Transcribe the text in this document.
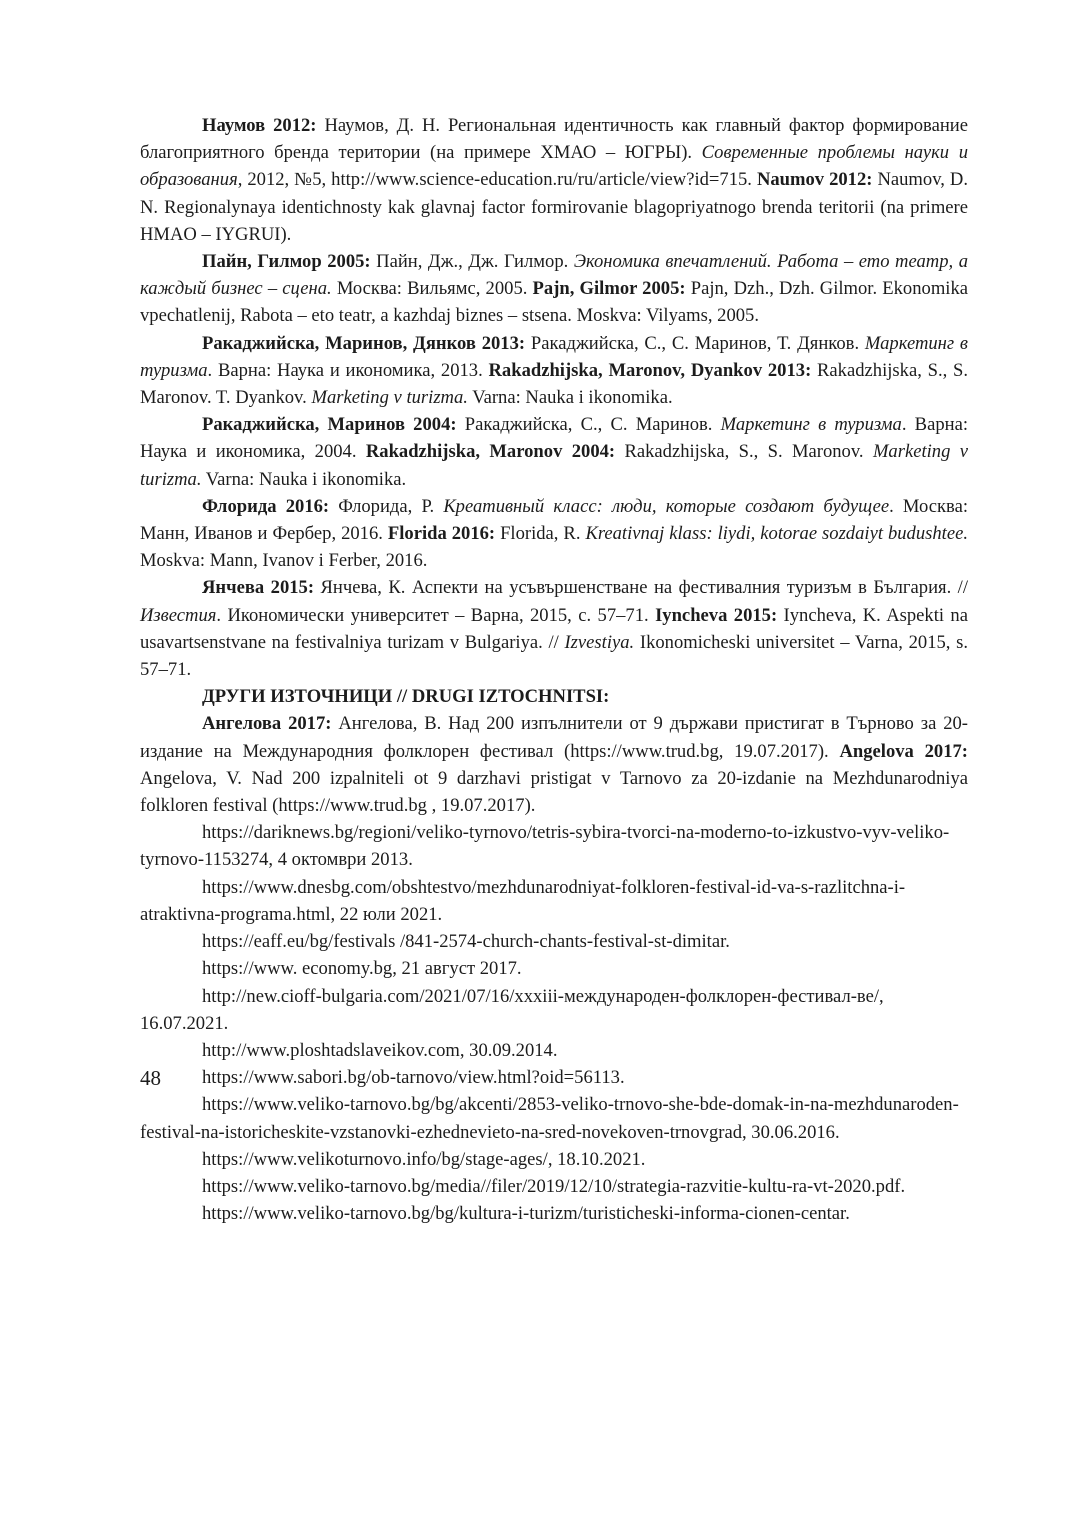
Наумов 2012: Наумов, Д. Н. Региональная идентичность как главный фактор формирование благоприятного бренда територии (на примере ХМАО – ЮГРЫ). Современные проблемы науки и образования, 2012, №5, http://www.science-education.ru/ru/article/view?id=715. Naumov 2012: Naumov, D. N. Regionalynaya identichnosty kak glavnaj factor formirovanie blagopriyatnogo brenda teritorii (na primere HMAO – IYGRUI).

Пайн, Гилмор 2005: Пайн, Дж., Дж. Гилмор. Экономика впечатлений. Работа – ето театр, а каждый бизнес – сцена. Москва: Вильямс, 2005. Pajn, Gilmor 2005: Pajn, Dzh., Dzh. Gilmor. Ekonomika vpechatlenij, Rabota – eto teatr, a kazhdaj biznes – stsena. Moskva: Vilyams, 2005.

Ракаджийска, Маринов, Дянков 2013: Ракаджийска, С., С. Маринов, Т. Дянков. Маркетинг в туризма. Варна: Наука и икономика, 2013. Rakadzhijska, Maronov, Dyankov 2013: Rakadzhijska, S., S. Maronov. T. Dyankov. Marketing v turizma. Varna: Nauka i ikonomika.

Ракаджийска, Маринов 2004: Ракаджийска, С., С. Маринов. Маркетинг в туризма. Варна: Наука и икономика, 2004. Rakadzhijska, Maronov 2004: Rakadzhijska, S., S. Maronov. Marketing v turizma. Varna: Nauka i ikonomika.

Флорида 2016: Флорида, Р. Креативный класс: люди, которые создают будущее. Москва: Манн, Иванов и Фербер, 2016. Florida 2016: Florida, R. Kreativnaj klass: liydi, kotorae sozdaiyt budushtee. Moskva: Mann, Ivanov i Ferber, 2016.

Янчева 2015: Янчева, К. Аспекти на усъвършенстване на фестивалния туризъм в България. // Известия. Икономически университет – Варна, 2015, с. 57–71. Iyncheva 2015: Iyncheva, K. Aspekti na usavartsenstvane na festivalniya turizam v Bulgariya. // Izvestiya. Ikonomicheski universitet – Varna, 2015, s. 57–71.

ДРУГИ ИЗТОЧНИЦИ // DRUGI IZTOCHNITSI:

Ангелова 2017: Ангелова, В. Над 200 изпълнители от 9 държави пристигат в Търново за 20-издание на Международния фолклорен фестивал (https://www.trud.bg, 19.07.2017). Angelova 2017: Angelova, V. Nad 200 izpalniteli ot 9 darzhavi pristigat v Tarnovo za 20-izdanie na Mezhdunarodniya folkloren festival (https://www.trud.bg , 19.07.2017).

https://dariknews.bg/regioni/veliko-tyrnovo/tetris-sybira-tvorci-na-moderno-to-izkustvo-vyv-veliko-tyrnovo-1153274, 4 октомври 2013.

https://www.dnesbg.com/obshtestvo/mezhdunarodniyat-folkloren-festival-id-va-s-razlitchna-i-atraktivna-programa.html, 22 юли 2021.

https://eaff.eu/bg/festivals /841-2574-church-chants-festival-st-dimitar.

https://www. economy.bg, 21 август 2017.

http://new.cioff-bulgaria.com/2021/07/16/xxxiii-международен-фолклорен-фестивал-ве/, 16.07.2021.

http://www.ploshtadslaveikov.com, 30.09.2014.

https://www.sabori.bg/ob-tarnovo/view.html?oid=56113.

https://www.veliko-tarnovo.bg/bg/akcenti/2853-veliko-trnovo-she-bde-domak-in-na-mezhdunaroden-festival-na-istoricheskite-vzstanovki-ezhednevieto-na-sred-novekoven-trnovgrad, 30.06.2016.

https://www.velikoturnovo.info/bg/stage-ages/, 18.10.2021.

https://www.veliko-tarnovo.bg/media//filer/2019/12/10/strategia-razvitie-kultu-ra-vt-2020.pdf.

https://www.veliko-tarnovo.bg/bg/kultura-i-turizm/turisticheski-informa-cionen-centar.

48
